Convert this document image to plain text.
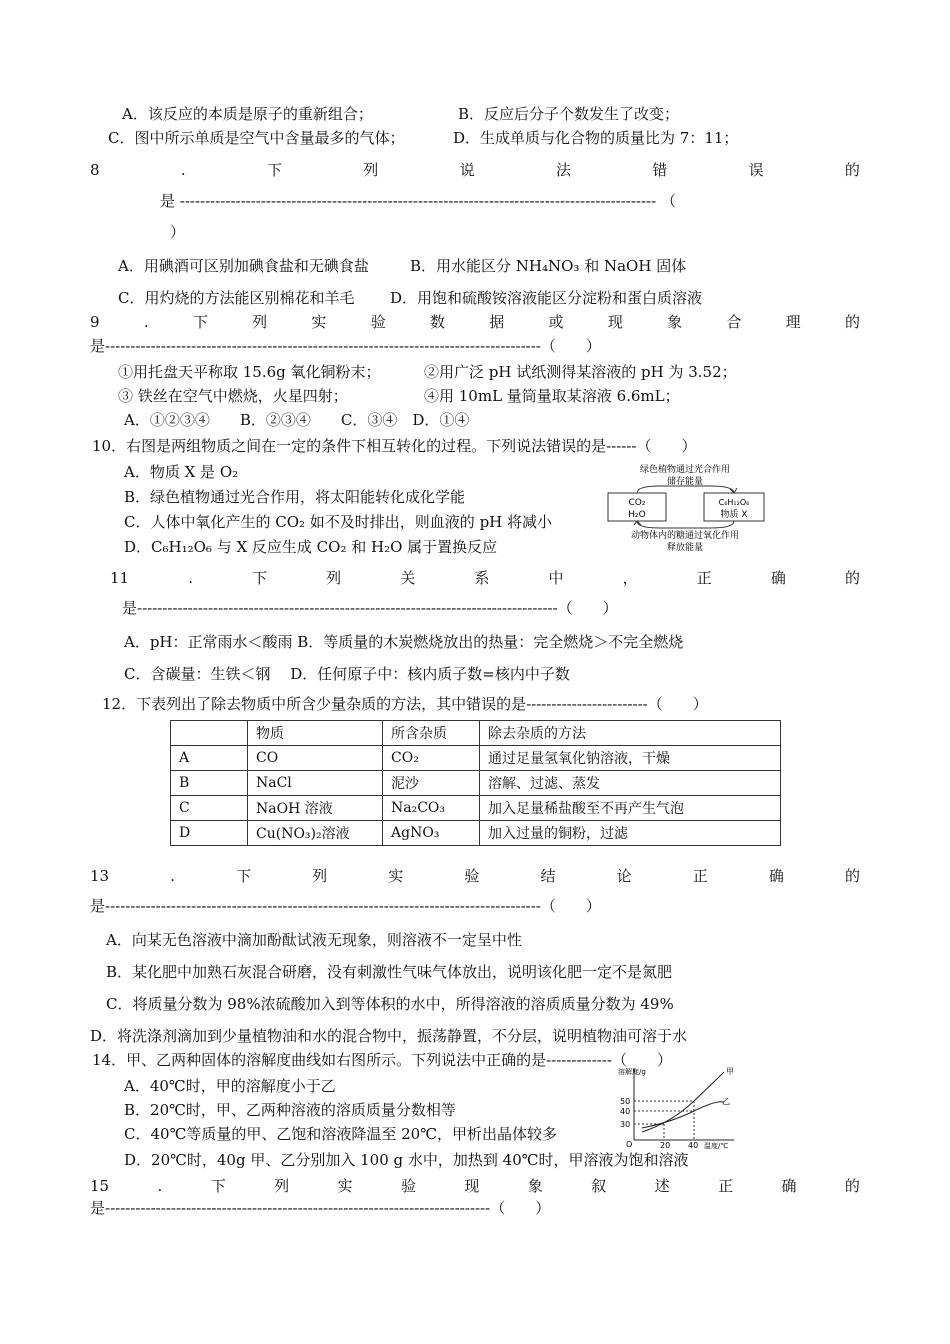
A．该反应的本质是原子的重新组合；	B．反应后分子个数发生了改变；
C．图中所示单质是空气中含量最多的气体；	D．生成单质与化合物的质量比为 7：11；
8	.	下	列	说	法	错	误	的
是 ---------------------------------------------------------------------------------------------- （
）
A．用碘酒可区别加碘食盐和无碘食盐	B．用水能区分 NH₄NO₃ 和 NaOH 固体
C．用灼烧的方法能区别棉花和羊毛 D．用饱和硫酸铵溶液能区分淀粉和蛋白质溶液
9	.	下	列	实	验	数	据	或	现	象	合	理	的
是--------------------------------------------------------------------------------------（　　）
①用托盘天平称取 15.6g 氧化铜粉末；	②用广泛 pH 试纸测得某溶液的 pH 为 3.52；
③ 铁丝在空气中燃烧，火星四射；	④用 10mL 量筒量取某溶液 6.6mL；
A．①②③④　　B．②③④　　C．③④　D．①④
10．右图是两组物质之间在一定的条件下相互转化的过程。下列说法错误的是------（　　）
A．物质 X 是 O₂
B．绿色植物通过光合作用，将太阳能转化成化学能
C．人体中氧化产生的 CO₂ 如不及时排出，则血液的 pH 将减小
D．C₆H₁₂O₆ 与 X 反应生成 CO₂ 和 H₂O 属于置换反应
绿色植物通过光合作用
储存能量
CO₂
H₂O
C₆H₁₂O₆
物质 X
动物体内的糖通过氧化作用
释放能量
11	.	下	列	关	系	中	，	正	确	的
是-----------------------------------------------------------------------------------（　　）
A．pH：正常雨水＜酸雨 B．等质量的木炭燃烧放出的热量：完全燃烧＞不完全燃烧
C．含碳量：生铁＜钢　 D．任何原子中：核内质子数=核内中子数
12．下表列出了除去物质中所含少量杂质的方法，其中错误的是------------------------（　　）
	物质	所含杂质	除去杂质的方法
A	CO	CO₂	通过足量氢氧化钠溶液，干燥
B	NaCl	泥沙	溶解、过滤、蒸发
C	NaOH 溶液	Na₂CO₃	加入足量稀盐酸至不再产生气泡
D	Cu(NO₃)₂溶液	AgNO₃	加入过量的铜粉，过滤
13	.	下	列	实	验	结	论	正	确	的
是--------------------------------------------------------------------------------------（　　）
A．向某无色溶液中滴加酚酞试液无现象，则溶液不一定呈中性
B．某化肥中加熟石灰混合研磨，没有刺激性气味气体放出，说明该化肥一定不是氮肥
C．将质量分数为 98%浓硫酸加入到等体积的水中，所得溶液的溶质质量分数为 49%
D．将洗涤剂滴加到少量植物油和水的混合物中，振荡静置，不分层，说明植物油可溶于水
14．甲、乙两种固体的溶解度曲线如右图所示。下列说法中正确的是-------------（　　）
A．40℃时，甲的溶解度小于乙
B．20℃时，甲、乙两种溶液的溶质质量分数相等
C．40℃等质量的甲、乙饱和溶液降温至 20℃，甲析出晶体较多
D．20℃时，40g 甲、乙分别加入 100 g 水中，加热到 40℃时，甲溶液为饱和溶液
溶解度/g
温度/℃
O
50
40
30
20 40
甲
乙
15	.	下	列	实	验	现	象	叙	述	正	确	的
是----------------------------------------------------------------------------（　　）
